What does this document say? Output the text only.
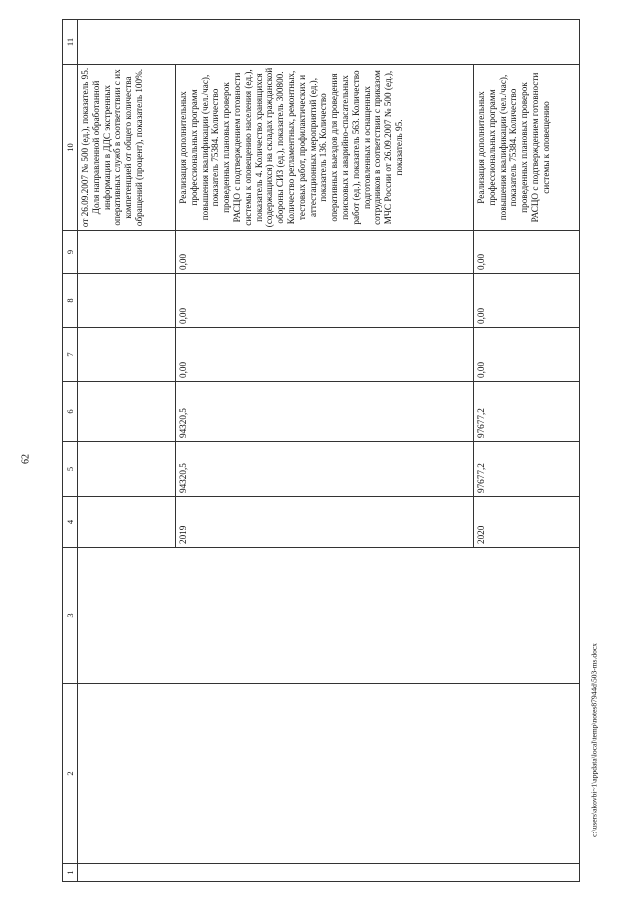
62
1	2	3	4	5	6	7	8	9	10	11
									от 26.09.2007 № 500 (ед.), показатель 95. Доля направленной обработанной информации в ДДС экстренных оперативных служб в соответствии с их компетенцией от общего количества обращений (процент), показатель 100%.	
			2019	94320,5	94320,5	0,00	0,00	0,00	Реализация дополнительных профессиональных программ повышения квалификации (чел./час), показатель 75384. Количество проведенных плановых проверок РАСЦО с подтверждением готовности системы к оповещению населения (ед.), показатель 4. Количество хранящихся (содержащихся) на складах гражданской обороны СИЗ (ед.), показатель 300800. Количество регламентных, ремонтных, тестовых работ, профилактических и аттестационных мероприятий (ед.), показатель 136. Количество оперативных выездов для проведения поисковых и аварийно-спасательных работ (ед.), показатель 563. Количество подготовленных и оснащенных сотрудников в соответствии с приказом МЧС России от 26.09.2007 № 500 (ед.), показатель 95.	
			2020	97677,2	97677,2	0,00	0,00	0,00	Реализация дополнительных профессиональных программ повышения квалификации (чел./час), показатель 75384. Количество проведенных плановых проверок РАСЦО с подтверждением готовности системы к оповещению	
c:\users\akovbi~1\appdata\local\temp\notes87944d\503-ms.docx
